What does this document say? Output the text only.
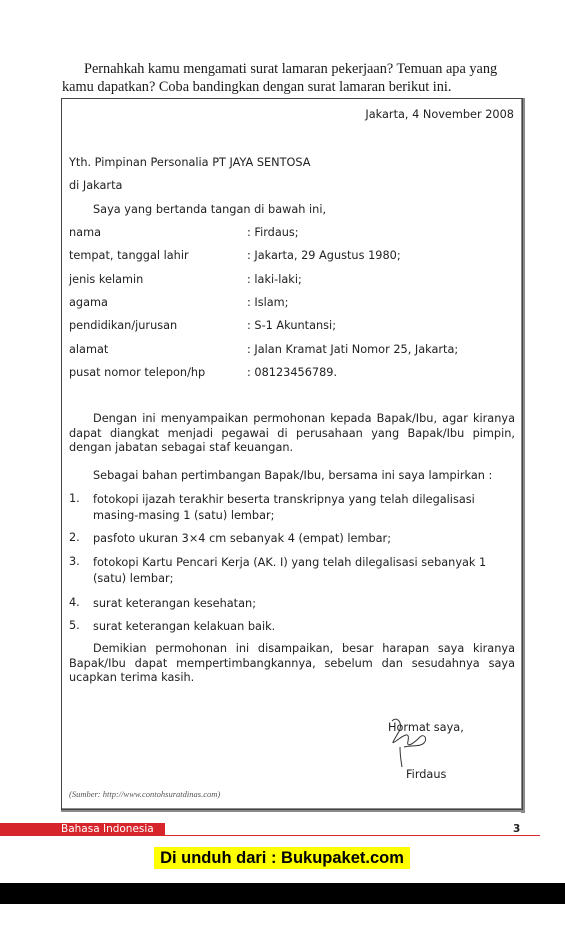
Pernahkah kamu mengamati surat lamaran pekerjaan? Temuan apa yang kamu dapatkan? Coba bandingkan dengan surat lamaran berikut ini.

Jakarta, 4 November 2008
Yth. Pimpinan Personalia PT JAYA SENTOSA
di Jakarta
Saya yang bertanda tangan di bawah ini,
nama	: Firdaus;
tempat, tanggal lahir	: Jakarta, 29 Agustus 1980;
jenis kelamin	: laki-laki;
agama	: Islam;
pendidikan/jurusan	: S-1 Akuntansi;
alamat	: Jalan Kramat Jati Nomor 25, Jakarta;
pusat nomor telepon/hp	: 08123456789.
Dengan ini menyampaikan permohonan kepada Bapak/Ibu, agar kiranya dapat diangkat menjadi pegawai di perusahaan yang Bapak/Ibu pimpin, dengan jabatan sebagai staf keuangan.
Sebagai bahan pertimbangan Bapak/Ibu, bersama ini saya lampirkan :
1. fotokopi ijazah terakhir beserta transkripnya yang telah dilegalisasi masing-masing 1 (satu) lembar;
2. pasfoto ukuran 3×4 cm sebanyak 4 (empat) lembar;
3. fotokopi Kartu Pencari Kerja (AK. I) yang telah dilegalisasi sebanyak 1 (satu) lembar;
4. surat keterangan kesehatan;
5. surat keterangan kelakuan baik.
Demikian permohonan ini disampaikan, besar harapan saya kiranya Bapak/Ibu dapat mempertimbangkannya, sebelum dan sesudahnya saya ucapkan terima kasih.
Hormat saya,
Firdaus
(Sumber: http://www.contohsuratdinas.com)
Bahasa Indonesia	3
Di unduh dari : Bukupaket.com
